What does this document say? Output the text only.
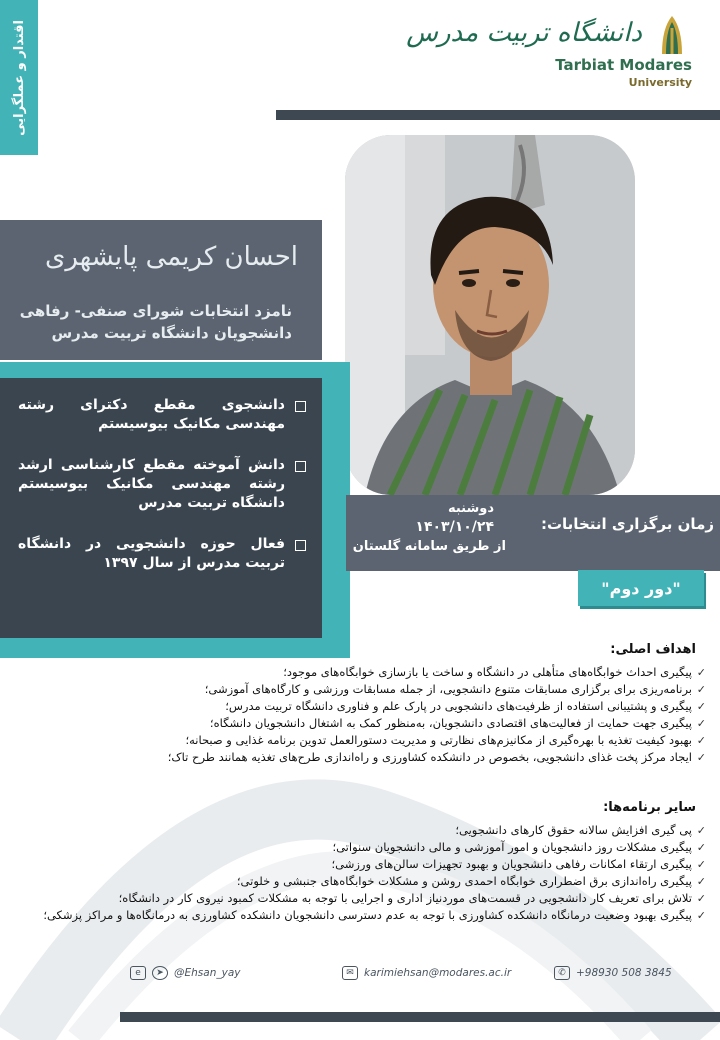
اقتدار و عملگرایی	دانشگاه تربیت مدرس
Tarbiat Modares
University
احسان کریمی پایشهری
نامزد انتخابات شورای صنفی- رفاهی دانشجویان دانشگاه تربیت مدرس
دانشجوی مقطع دکترای رشته مهندسی مکانیک بیوسیستم
دانش آموخته مقطع کارشناسی ارشد رشته مهندسی مکانیک بیوسیستم دانشگاه تربیت مدرس
فعال حوزه دانشجویی در دانشگاه تربیت مدرس از سال ۱۳۹۷
زمان برگزاری انتخابات:
دوشنبه
۱۴۰۳/۱۰/۲۴
از طریق سامانه گلستان
"دور دوم"
اهداف اصلی:
✓ پیگیری احداث خوابگاه‌های متأهلی در دانشگاه و ساخت یا بازسازی خوابگاه‌های موجود؛
✓ برنامه‌ریزی برای برگزاری مسابقات متنوع دانشجویی، از جمله مسابقات ورزشی و کارگاه‌های آموزشی؛
✓ پیگیری و پشتیبانی استفاده از ظرفیت‌های دانشجویی در پارک علم و فناوری دانشگاه تربیت مدرس؛
✓ پیگیری جهت حمایت از فعالیت‌های اقتصادی دانشجویان، به‌منظور کمک به اشتغال دانشجویان دانشگاه؛
✓ بهبود کیفیت تغذیه با بهره‌گیری از مکانیزم‌های نظارتی و مدیریت دستورالعمل تدوین برنامه غذایی و صبحانه؛
✓ ایجاد مرکز پخت غذای دانشجویی، بخصوص در دانشکده کشاورزی و راه‌اندازی طرح‌های تغذیه همانند طرح تاک؛
سایر برنامه‌ها:
✓ پی گیری افزایش سالانه حقوق کارهای دانشجویی؛
✓ پیگیری مشکلات روز دانشجویان و امور آموزشی و مالی دانشجویان سنواتی؛
✓ پیگیری ارتقاء امکانات رفاهی دانشجویان و بهبود تجهیزات سالن‌های ورزشی؛
✓ پیگیری راه‌اندازی برق اضطراری خوابگاه احمدی روشن و مشکلات خوابگاه‌های جنبشی و خلوتی؛
✓ تلاش برای تعریف کار دانشجویی در قسمت‌های موردنیاز اداری و اجرایی با توجه به مشکلات کمبود نیروی کار در دانشگاه؛
✓ پیگیری بهبود وضعیت درمانگاه دانشکده کشاورزی با توجه به عدم دسترسی دانشجویان دانشکده کشاورزی به درمانگاه‌ها و مراکز پزشکی؛
e	➤ @Ehsan_yay	✉ karimiehsan@modares.ac.ir	✆ +98930 508 3845
